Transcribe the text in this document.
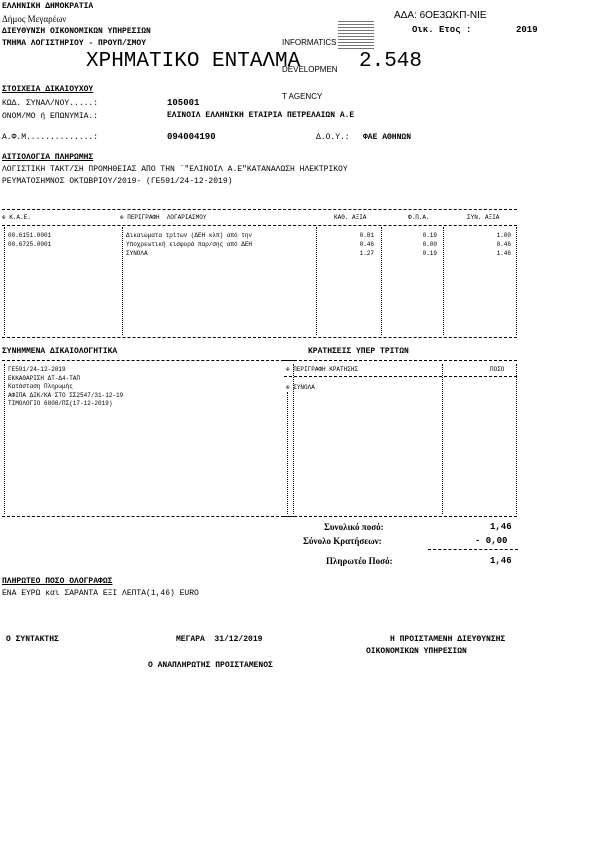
ΕΛΛΗΝΙΚΗ ΔΗΜΟΚΡΑΤΙΑ
Δήμος Μεγαρέων
ΔΙΕΥΘΥΝΣΗ ΟΙΚΟΝΟΜΙΚΩΝ ΥΠΗΡΕΣΙΩΝ
ΤΜΗΜΑ ΛΟΓΙΣΤΗΡΙΟΥ - ΠΡΟΥΠ/ΣΜΟΥ

	INFORMATICS

DEVELOPMEN

T AGENCY

ΑΔΑ: 6ΟΕ3ΩΚΠ-ΝΙΕ
Οικ. Ετος :	2019
ΧΡΗΜΑΤΙΚΟ ΕΝΤΑΛΜΑ	2.548
ΣΤΟΙΧΕΙΑ ΔΙΚΑΙΟΥΧΟΥ
ΚΩΔ. ΣΥΝΑΛ/ΝΟΥ.....:	105001
ΟΝΟΜ/ΜΟ ή ΕΠΩΝΥΜΙΑ.:	ΕΛΙΝΟΙΛ ΕΛΛΗΝΙΚΗ ΕΤΑΙΡΙΑ ΠΕΤΡΕΛΑΙΩΝ Α.Ε
Α.Φ.Μ..............:	094004190	Δ.Ο.Υ.: ΦΑΕ ΑΘΗΝΩΝ
ΑΙΤΙΟΛΟΓΙΑ ΠΛΗΡΩΜΗΣ
ΛΟΓΙΣΤΙΚΗ ΤΑΚΤ/ΣΗ ΠΡΟΜΗΘΕΙΑΣ ΑΠΟ ΤΗΝ ¨"ΕΛΙΝΟΙΛ Α.Ε"ΚΑΤΑΝΑΛΩΣΗ ΗΛΕΚΤΡΙΚΟΥ
ΡΕΥΜΑΤΟΣΗΜΝΟΣ ΟΚΤΩΒΡΙΟΥ/2019- (ΓΕ591/24-12-2019)
⊕ Κ.Α.Ε.	⊕ ΠΕΡΙΓΡΑΦΗ  ΛΟΓΑΡΙΑΣΜΟΥ	ΚΑΘ. ΑΞΙΑ	Φ.Π.Α.	ΣΥΝ. ΑΞΙΑ
00.6151.0001	Δικαιώματα τρίτων (ΔΕΗ κλπ) από την	0.81	0.19	1.00
00.6725.0001	Υποχρεωτική εισφορά παρ/σης από ΔΕΗ	0.46	0.00	0.46
ΣΥΝΟΛΑ	1.27	0.19	1.46
ΣΥΝΗΜΜΕΝΑ ΔΙΚΑΙΟΛΟΓΗΤΙΚΑ
ΓΕ591/24-12-2019
ΕΚΚΑΘΑΡΙΣΗ ΔΤ-Δ4-ΤΑΠ
Κατάσταση Πληρωμής
ΑΦΙΠΑ ΔΙΚ/ΚΑ ΣΤΟ ΣΣ2547/31-12-19
ΤΙΜΟΛΟΓΙΟ 6808/ΠΣ(17-12-2019)
ΚΡΑΤΗΣΕΙΣ ΥΠΕΡ ΤΡΙΤΩΝ
⊕ ΠΕΡΙΓΡΑΦΗ ΚΡΑΤΗΣΗΣ	ΠΟΣΟ
⊕ ΣΥΝΟΛΑ
Συνολικό ποσό:	1,46
Σύνολο Κρατήσεων:	- 0,00
Πληρωτέο Ποσό:	1,46
ΠΛΗΡΩΤΕΟ ΠΟΣΟ ΟΛΟΓΡΑΦΩΣ
ΕΝΑ ΕΥΡΩ και ΣΑΡΑΝΤΑ ΕΞΙ ΛΕΠΤΑ(1,46) EURO
Ο ΣΥΝΤΑΚΤΗΣ	ΜΕΓΑΡΑ  31/12/2019	Η ΠΡΟΙΣΤΑΜΕΝΗ ΔΙΕΥΘΥΝΣΗΣ
ΟΙΚΟΝΟΜΙΚΩΝ ΥΠΗΡΕΣΙΩΝ
Ο ΑΝΑΠΛΗΡΩΤΗΣ ΠΡΟΙΣΤΑΜΕΝΟΣ
